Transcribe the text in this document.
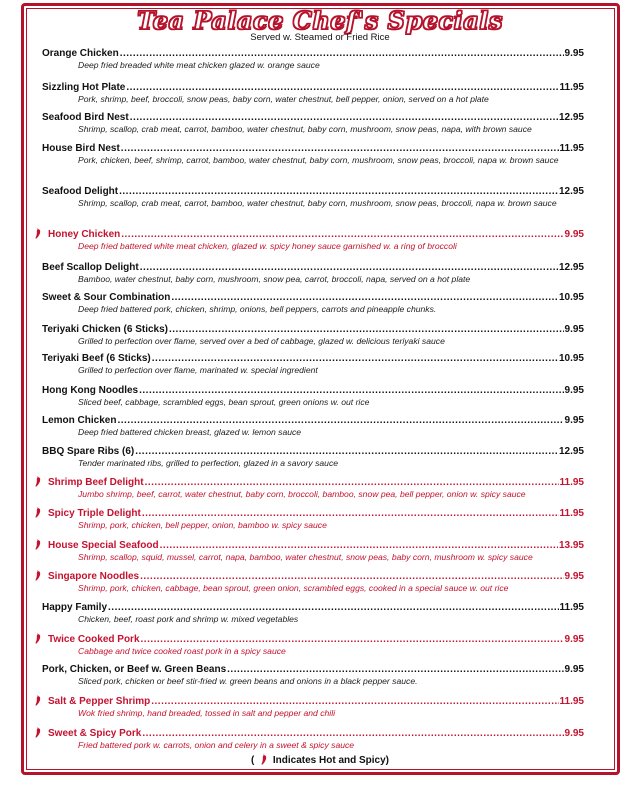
Tea Palace Chef's Specials
Served w. Steamed or Fried Rice
Orange Chicken .....	9.95
Deep fried breaded white meat chicken glazed w. orange sauce
Sizzling Hot Plate .....	11.95
Pork, shrimp, beef, broccoli, snow peas, baby corn, water chestnut, bell pepper, onion, served on a hot plate
Seafood Bird Nest .....	12.95
Shrimp, scallop, crab meat, carrot, bamboo, water chestnut, baby corn, mushroom, snow peas, napa, with brown sauce
House Bird Nest .....	11.95
Pork, chicken, beef, shrimp, carrot, bamboo, water chestnut, baby corn, mushroom, snow peas, broccoli, napa w. brown sauce
Seafood Delight .....	12.95
Shrimp, scallop, crab meat, carrot, bamboo, water chestnut, baby corn, mushroom, snow peas, broccoli, napa w. brown sauce
Honey Chicken .....	9.95
Deep fried battered white meat chicken, glazed w. spicy honey sauce garnished w. a ring of broccoli
Beef Scallop Delight .....	12.95
Bamboo, water chestnut, baby corn, mushroom, snow pea, carrot, broccoli, napa, served on a hot plate
Sweet & Sour Combination .....	10.95
Deep fried battered pork, chicken, shrimp, onions, bell peppers, carrots and pineapple chunks.
Teriyaki Chicken (6 Sticks) .....	9.95
Grilled to perfection over flame, served over a bed of cabbage, glazed w. delicious teriyaki sauce
Teriyaki Beef (6 Sticks) .....	10.95
Grilled to perfection over flame, marinated w. special ingredient
Hong Kong Noodles .....	9.95
Sliced beef, cabbage, scrambled eggs, bean sprout, green onions w. out rice
Lemon Chicken .....	9.95
Deep fried battered chicken breast, glazed w. lemon sauce
BBQ Spare Ribs (6) .....	12.95
Tender marinated ribs, grilled to perfection, glazed in a savory sauce
Shrimp Beef Delight .....	11.95
Jumbo shrimp, beef, carrot, water chestnut, baby corn, broccoli, bamboo, snow pea, bell pepper, onion w. spicy sauce
Spicy Triple Delight .....	11.95
Shrimp, pork, chicken, bell pepper, onion, bamboo w. spicy sauce
House Special Seafood .....	13.95
Shrimp, scallop, squid, mussel, carrot, napa, bamboo, water chestnut, snow peas, baby corn, mushroom w. spicy sauce
Singapore Noodles .....	9.95
Shrimp, pork, chicken, cabbage, bean sprout, green onion, scrambled eggs, cooked in a special sauce w. out rice
Happy Family .....	11.95
Chicken, beef, roast pork and shrimp w. mixed vegetables
Twice Cooked Pork .....	9.95
Cabbage and twice cooked roast pork in a spicy sauce
Pork, Chicken, or Beef w. Green Beans .....	9.95
Sliced pork, chicken or beef stir-fried w. green beans and onions in a black pepper sauce.
Salt & Pepper Shrimp .....	11.95
Wok fried shrimp, hand breaded, tossed in salt and pepper and chili
Sweet & Spicy Pork .....	9.95
Fried battered pork w. carrots, onion and celery in a sweet & spicy sauce
( Indicates Hot and Spicy)
